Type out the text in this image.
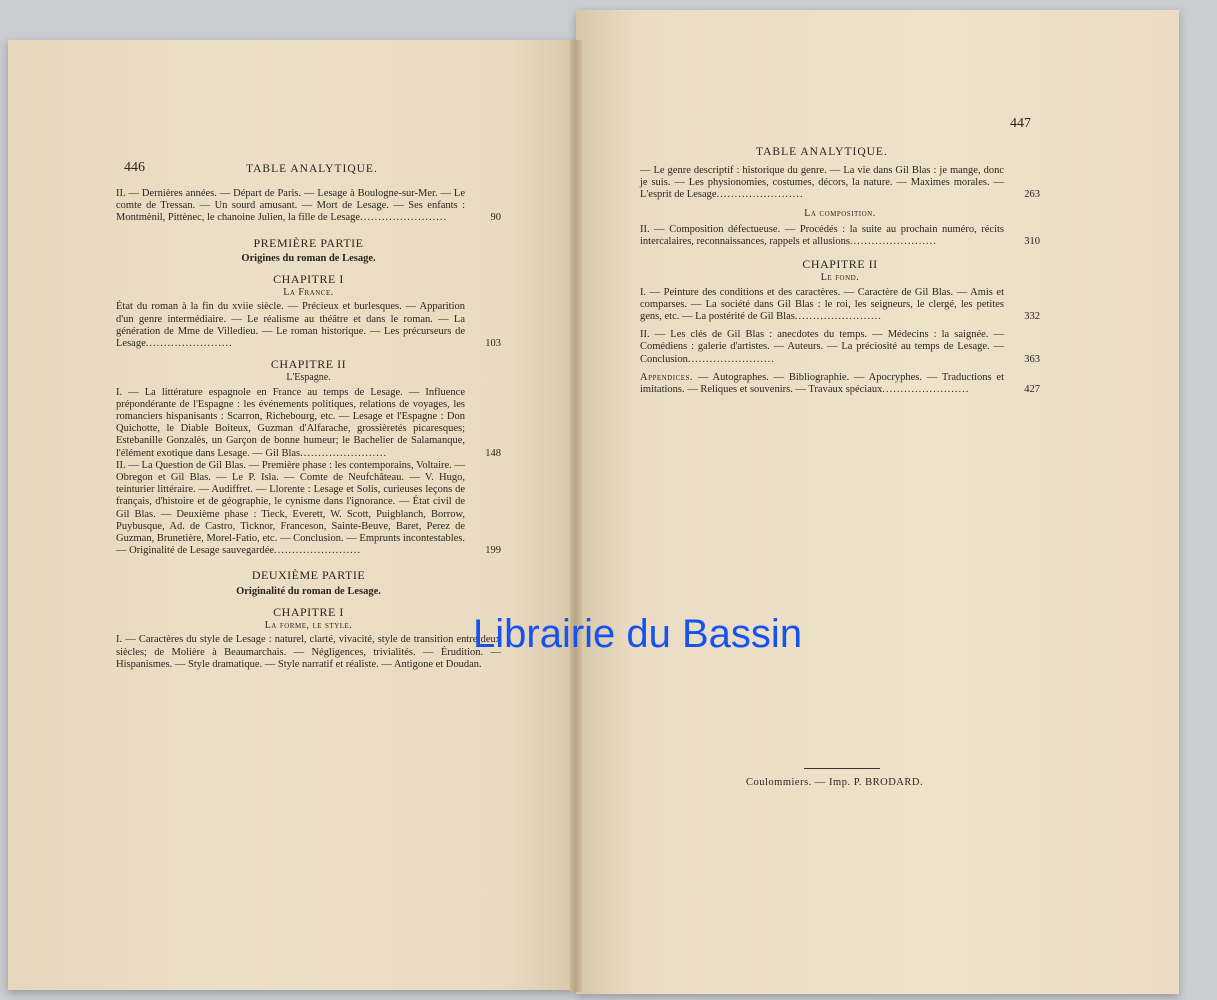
446	TABLE ANALYTIQUE.
II. — Dernières années. — Départ de Paris. — Lesage à Boulogne-sur-Mer. — Le comte de Tressan. — Un sourd amusant. — Mort de Lesage. — Ses enfants : Montmènil, Pittènec, le chanoine Julien, la fille de Lesage........................	90
PREMIÈRE PARTIE
Origines du roman de Lesage.
CHAPITRE I
La France.
État du roman à la fin du xviie siècle. — Précieux et burlesques. — Apparition d'un genre intermédiaire. — Le réalisme au théâtre et dans le roman. — La génération de Mme de Villedieu. — Le roman historique. — Les précurseurs de Lesage........................	103
CHAPITRE II
L'Espagne.
I. — La littérature espagnole en France au temps de Lesage. — Influence prépondérante de l'Espagne : les événements politiques, relations de voyages, les romanciers hispanisants : Scarron, Richebourg, etc. — Lesage et l'Espagne : Don Quichotte, le Diable Boiteux, Guzman d'Alfarache, grossièretés picaresques; Estebanille Gonzalès, un Garçon de bonne humeur; le Bachelier de Salamanque, l'élément exotique dans Lesage. — Gil Blas........................	148
II. — La Question de Gil Blas. — Première phase : les contemporains, Voltaire. — Obregon et Gil Blas. — Le P. Isla. — Comte de Neufchâteau. — V. Hugo, teinturier littéraire. — Audiffret. — Llorente : Lesage et Solis, curieuses leçons de français, d'histoire et de géographie, le cynisme dans l'ignorance. — État civil de Gil Blas. — Deuxième phase : Tieck, Everett, W. Scott, Puigblanch, Borrow, Puybusque, Ad. de Castro, Ticknor, Franceson, Sainte-Beuve, Baret, Perez de Guzman, Brunetière, Morel-Fatio, etc. — Conclusion. — Emprunts incontestables. — Originalité de Lesage sauvegardée........................	199
DEUXIÈME PARTIE
Originalité du roman de Lesage.
CHAPITRE I
La forme, le style.
I. — Caractères du style de Lesage : naturel, clarté, vivacité, style de transition entre deux siècles; de Molière à Beaumarchais. — Négligences, trivialités. — Érudition. — Hispanismes. — Style dramatique. — Style narratif et réaliste. — Antigone et Doudan.
447
TABLE ANALYTIQUE.
— Le genre descriptif : historique du genre. — La vie dans Gil Blas : je mange, donc je suis. — Les physionomies, costumes, décors, la nature. — Maximes morales. — L'esprit de Lesage........................	263
La composition.
II. — Composition défectueuse. — Procédés : la suite au prochain numéro, récits intercalaires, reconnaissances, rappels et allusions........................	310
CHAPITRE II
Le fond.
I. — Peinture des conditions et des caractères. — Caractère de Gil Blas. — Amis et comparses. — La société dans Gil Blas : le roi, les seigneurs, le clergé, les petites gens, etc. — La postérité de Gil Blas........................	332
II. — Les clés de Gil Blas : anecdotes du temps. — Médecins : la saignée. — Comédiens : galerie d'artistes. — Auteurs. — La préciosité au temps de Lesage. — Conclusion........................	363
Appendices. — Autographes. — Bibliographie. — Apocryphes. — Traductions et imitations. — Reliques et souvenirs. — Travaux spéciaux........................	427
Coulommiers. — Imp. P. BRODARD.
Librairie du Bassin
